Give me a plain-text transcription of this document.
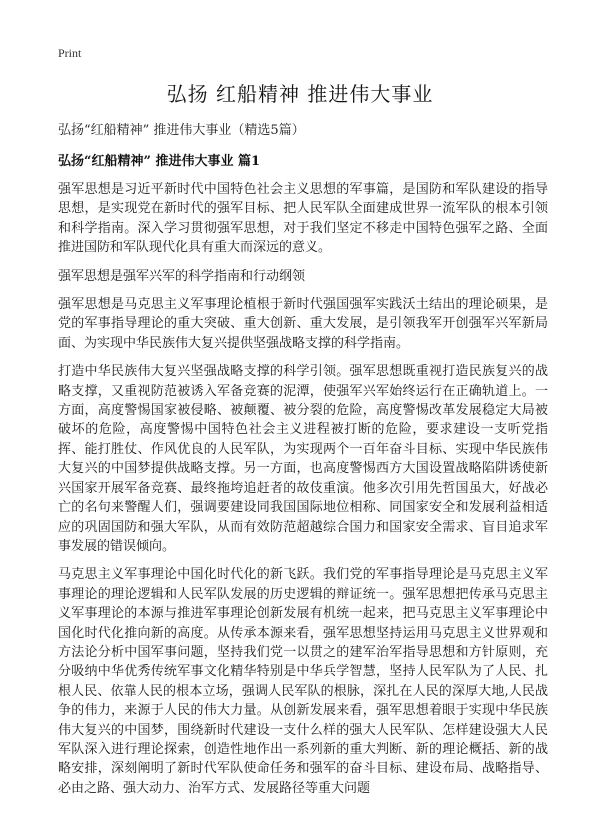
Print
弘扬 红船精神 推进伟大事业
弘扬“红船精神” 推进伟大事业（精选5篇）
弘扬“红船精神” 推进伟大事业 篇1

强军思想是习近平新时代中国特色社会主义思想的军事篇，是国防和军队建设的指导思想，是实现党在新时代的强军目标、把人民军队全面建成世界一流军队的根本引领和科学指南。深入学习贯彻强军思想，对于我们坚定不移走中国特色强军之路、全面推进国防和军队现代化具有重大而深远的意义。

强军思想是强军兴军的科学指南和行动纲领

强军思想是马克思主义军事理论植根于新时代强国强军实践沃土结出的理论硕果，是党的军事指导理论的重大突破、重大创新、重大发展，是引领我军开创强军兴军新局面、为实现中华民族伟大复兴提供坚强战略支撑的科学指南。

打造中华民族伟大复兴坚强战略支撑的科学引领。强军思想既重视打造民族复兴的战略支撑，又重视防范被诱入军备竞赛的泥潭，使强军兴军始终运行在正确轨道上。一方面，高度警惕国家被侵略、被颠覆、被分裂的危险，高度警惕改革发展稳定大局被破坏的危险，高度警惕中国特色社会主义进程被打断的危险，要求建设一支听党指挥、能打胜仗、作风优良的人民军队，为实现两个一百年奋斗目标、实现中华民族伟大复兴的中国梦提供战略支撑。另一方面，也高度警惕西方大国设置战略陷阱诱使新兴国家开展军备竞赛、最终拖垮追赶者的故伎重演。他多次引用先哲国虽大，好战必亡的名句来警醒人们，强调要建设同我国国际地位相称、同国家安全和发展利益相适应的巩固国防和强大军队，从而有效防范超越综合国力和国家安全需求、盲目追求军事发展的错误倾向。

马克思主义军事理论中国化时代化的新飞跃。我们党的军事指导理论是马克思主义军事理论的理论逻辑和人民军队发展的历史逻辑的辩证统一。强军思想把传承马克思主义军事理论的本源与推进军事理论创新发展有机统一起来，把马克思主义军事理论中国化时代化推向新的高度。从传承本源来看，强军思想坚持运用马克思主义世界观和方法论分析中国军事问题，坚持我们党一以贯之的建军治军指导思想和方针原则，充分吸纳中华优秀传统军事文化精华特别是中华兵学智慧，坚持人民军队为了人民、扎根人民、依靠人民的根本立场，强调人民军队的根脉，深扎在人民的深厚大地,人民战争的伟力，来源于人民的伟大力量。从创新发展来看，强军思想着眼于实现中华民族伟大复兴的中国梦，围绕新时代建设一支什么样的强大人民军队、怎样建设强大人民军队深入进行理论探索，创造性地作出一系列新的重大判断、新的理论概括、新的战略安排，深刻阐明了新时代军队使命任务和强军的奋斗目标、建设布局、战略指导、必由之路、强大动力、治军方式、发展路径等重大问题
